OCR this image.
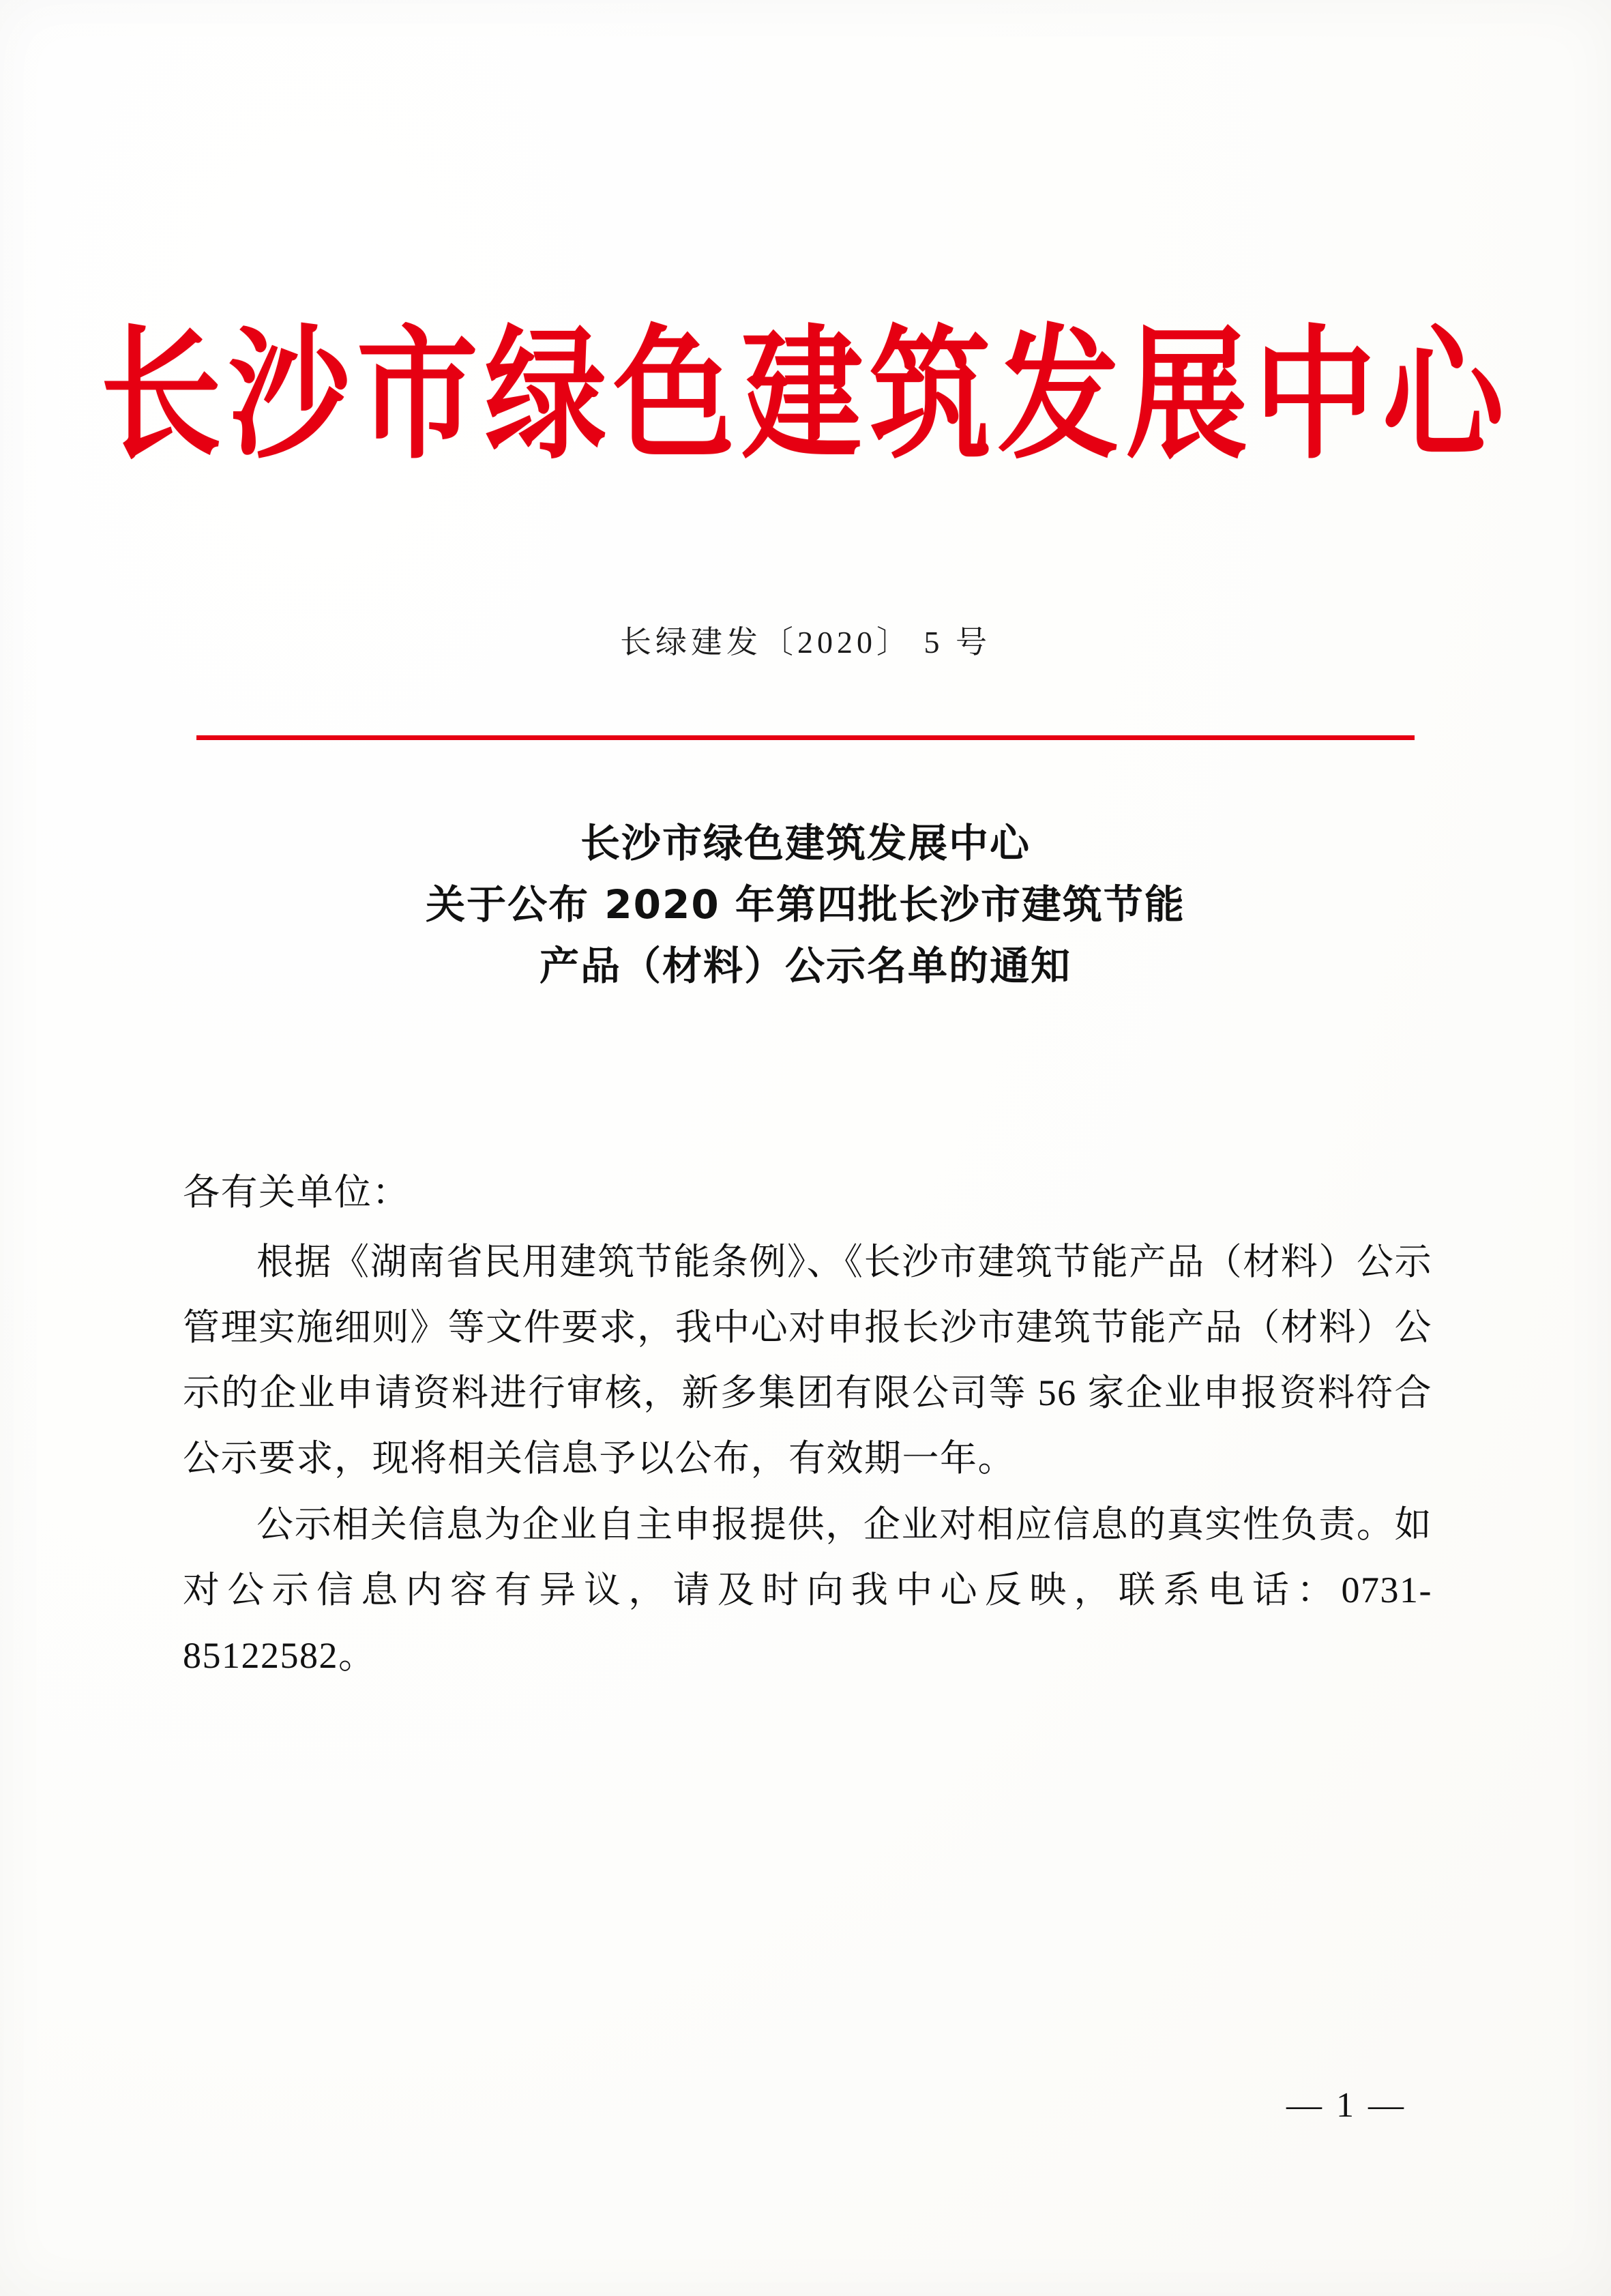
长沙市绿色建筑发展中心
长绿建发〔2020〕 5 号
长沙市绿色建筑发展中心
关于公布 2020 年第四批长沙市建筑节能
产品（材料）公示名单的通知

各有关单位：

根据《湖南省民用建筑节能条例》、《长沙市建筑节能产品（材料）公示管理实施细则》等文件要求，我中心对申报长沙市建筑节能产品（材料）公示的企业申请资料进行审核，新多集团有限公司等 56 家企业申报资料符合公示要求，现将相关信息予以公布，有效期一年。

公示相关信息为企业自主申报提供，企业对相应信息的真实性负责。如对公示信息内容有异议，请及时向我中心反映，联系电话：0731-85122582。

— 1 —
